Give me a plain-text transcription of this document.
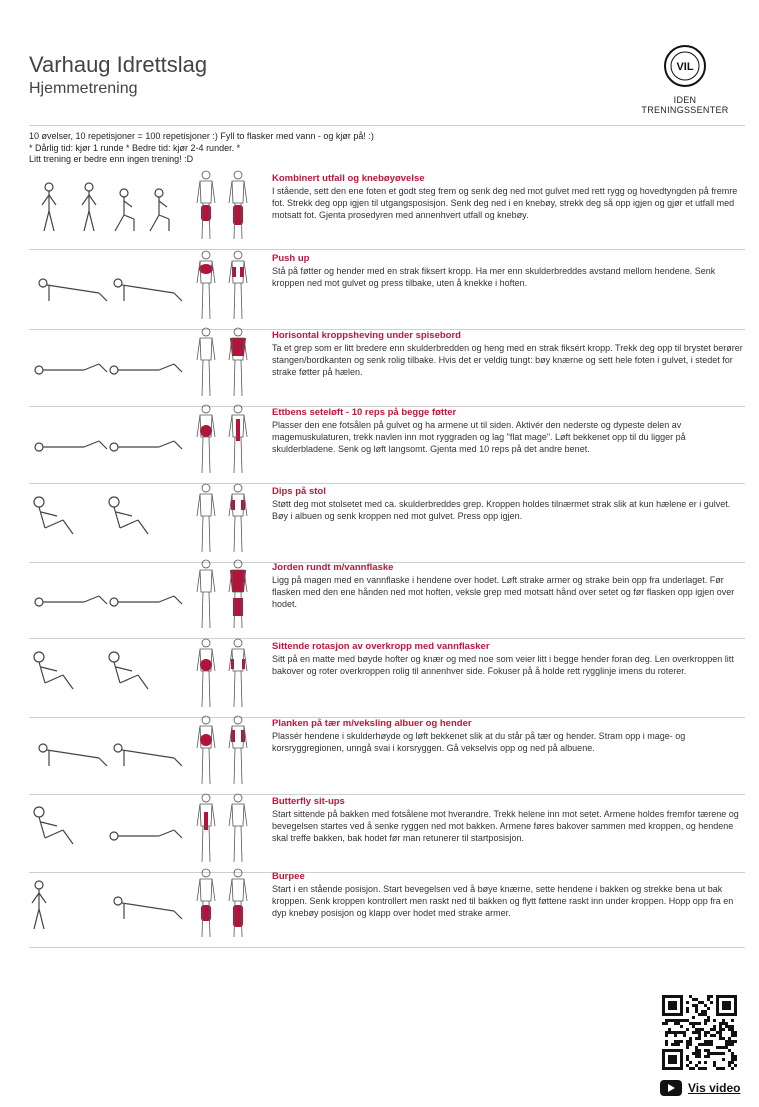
Varhaug Idrettslag
Hjemmetrening
VIL
IDEN TRENINGSSENTER
10 øvelser, 10 repetisjoner = 100 repetisjoner :) Fyll to flasker med vann - og kjør på! :)
* Dårlig tid: kjør 1 runde * Bedre tid: kjør 2-4 runder. *
Litt trening er bedre enn ingen trening! :D
Kombinert utfall og knebøyøvelse
I stående, sett den ene foten et godt steg frem og senk deg ned mot gulvet med rett rygg og hovedtyngden på fremre fot. Strekk deg opp igjen til utgangsposisjon. Senk deg ned i en knebøy, strekk deg så opp igjen og gjør et utfall med motsatt fot. Gjenta prosedyren med annenhvert utfall og knebøy.
Push up
Stå på føtter og hender med en strak fiksert kropp. Ha mer enn skulderbreddes avstand mellom hendene. Senk kroppen ned mot gulvet og press tilbake, uten å knekke i hoften.
Horisontal kroppsheving under spisebord
Ta et grep som er litt bredere enn skulderbredden og heng med en strak fiksért kropp. Trekk deg opp til brystet berører stangen/bordkanten og senk rolig tilbake. Hvis det er veldig tungt: bøy knærne og sett hele foten i gulvet, i stedet for strake føtter på hælen.
Ettbens seteløft - 10 reps på begge føtter
Plasser den ene fotsålen på gulvet og ha armene ut til siden. Aktivér den nederste og dypeste delen av magemuskulaturen, trekk navlen inn mot ryggraden og lag "flat mage". Løft bekkenet opp til du ligger på skulderbladene. Senk og løft langsomt. Gjenta med 10 reps på det andre benet.
Dips på stol
Støtt deg mot stolsetet med ca. skulderbreddes grep. Kroppen holdes tilnærmet strak slik at kun hælene er i gulvet. Bøy i albuen og senk kroppen ned mot gulvet. Press opp igjen.
Jorden rundt m/vannflaske
Ligg på magen med en vannflaske i hendene over hodet. Løft strake armer og strake bein opp fra underlaget. Før flasken med den ene hånden ned mot hoften, veksle grep med motsatt hånd over setet og før flasken opp igjen over hodet.
Sittende rotasjon av overkropp med vannflasker
Sitt på en matte med bøyde hofter og knær og med noe som veier litt i begge hender foran deg. Len overkroppen litt bakover og roter overkroppen rolig til annenhver side. Fokuser på å holde rett rygglinje imens du roterer.
Planken på tær m/veksling albuer og hender
Plassér hendene i skulderhøyde og løft bekkenet slik at du står på tær og hender. Stram opp i mage- og korsryggregionen, unngå svai i korsryggen. Gå vekselvis opp og ned på albuene.
Butterfly sit-ups
Start sittende på bakken med fotsålene mot hverandre. Trekk helene inn mot setet. Armene holdes fremfor tærene og bevegelsen startes ved å senke ryggen ned mot bakken. Armene føres bakover sammen med kroppen, og hendene skal treffe bakken, bak hodet før man retunerer til startposisjon.
Burpee
Start i en stående posisjon. Start bevegelsen ved å bøye knærne, sette hendene i bakken og strekke bena ut bak kroppen. Senk kroppen kontrollert men raskt ned til bakken og flytt føttene raskt inn under kroppen. Hopp opp fra en dyp knebøy posisjon og klapp over hodet med strake armer.
Vis video
